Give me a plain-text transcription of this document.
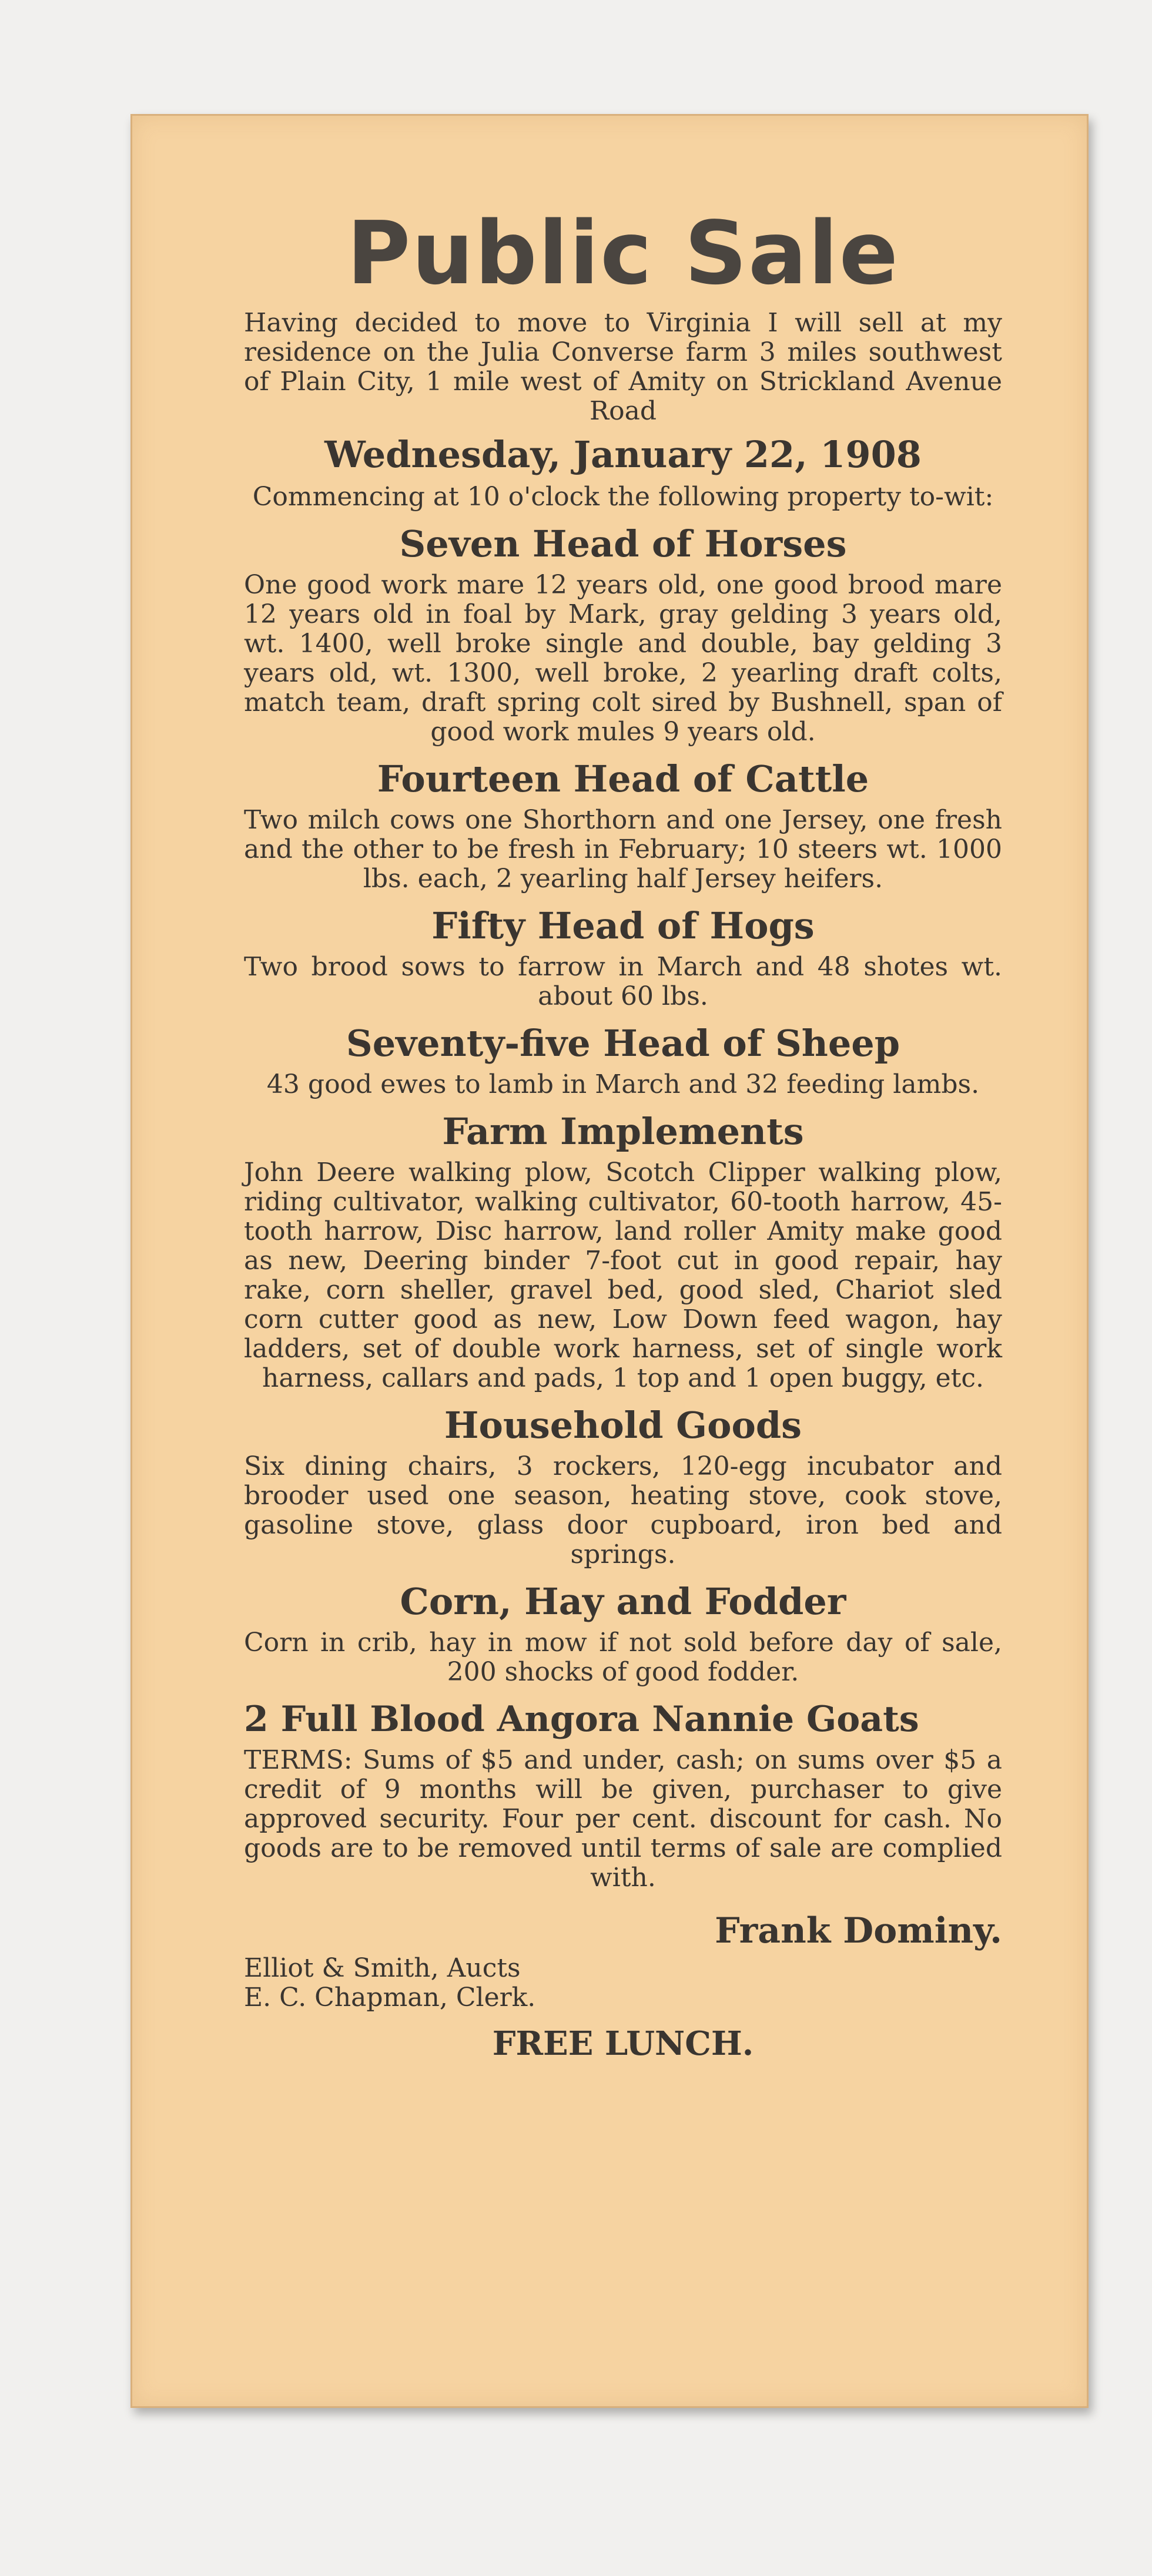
Public Sale

Having decided to move to Virginia I will sell at my residence on the Julia Converse farm 3 miles southwest of Plain City, 1 mile west of Amity on Strickland Avenue Road

Wednesday, January 22, 1908

Commencing at 10 o'clock the following property to-wit:

Seven Head of Horses

One good work mare 12 years old, one good brood mare 12 years old in foal by Mark, gray gelding 3 years old, wt. 1400, well broke single and double, bay gelding 3 years old, wt. 1300, well broke, 2 yearling draft colts, match team, draft spring colt sired by Bushnell, span of good work mules 9 years old.

Fourteen Head of Cattle

Two milch cows one Shorthorn and one Jersey, one fresh and the other to be fresh in February; 10 steers wt. 1000 lbs. each, 2 yearling half Jersey heifers.

Fifty Head of Hogs

Two brood sows to farrow in March and 48 shotes wt. about 60 lbs.

Seventy-five Head of Sheep

43 good ewes to lamb in March and 32 feeding lambs.

Farm Implements

John Deere walking plow, Scotch Clipper walking plow, riding cultivator, walking cultivator, 60-tooth harrow, 45-tooth harrow, Disc harrow, land roller Amity make good as new, Deering binder 7-foot cut in good repair, hay rake, corn sheller, gravel bed, good sled, Chariot sled corn cutter good as new, Low Down feed wagon, hay ladders, set of double work harness, set of single work harness, callars and pads, 1 top and 1 open buggy, etc.

Household Goods

Six dining chairs, 3 rockers, 120-egg incubator and brooder used one season, heating stove, cook stove, gasoline stove, glass door cupboard, iron bed and springs.

Corn, Hay and Fodder

Corn in crib, hay in mow if not sold before day of sale, 200 shocks of good fodder.

2 Full Blood Angora Nannie Goats

TERMS: Sums of $5 and under, cash; on sums over $5 a credit of 9 months will be given, purchaser to give approved security. Four per cent. discount for cash. No goods are to be removed until terms of sale are complied with.

Frank Dominy.

Elliot & Smith, Aucts

E. C. Chapman, Clerk.

FREE LUNCH.
